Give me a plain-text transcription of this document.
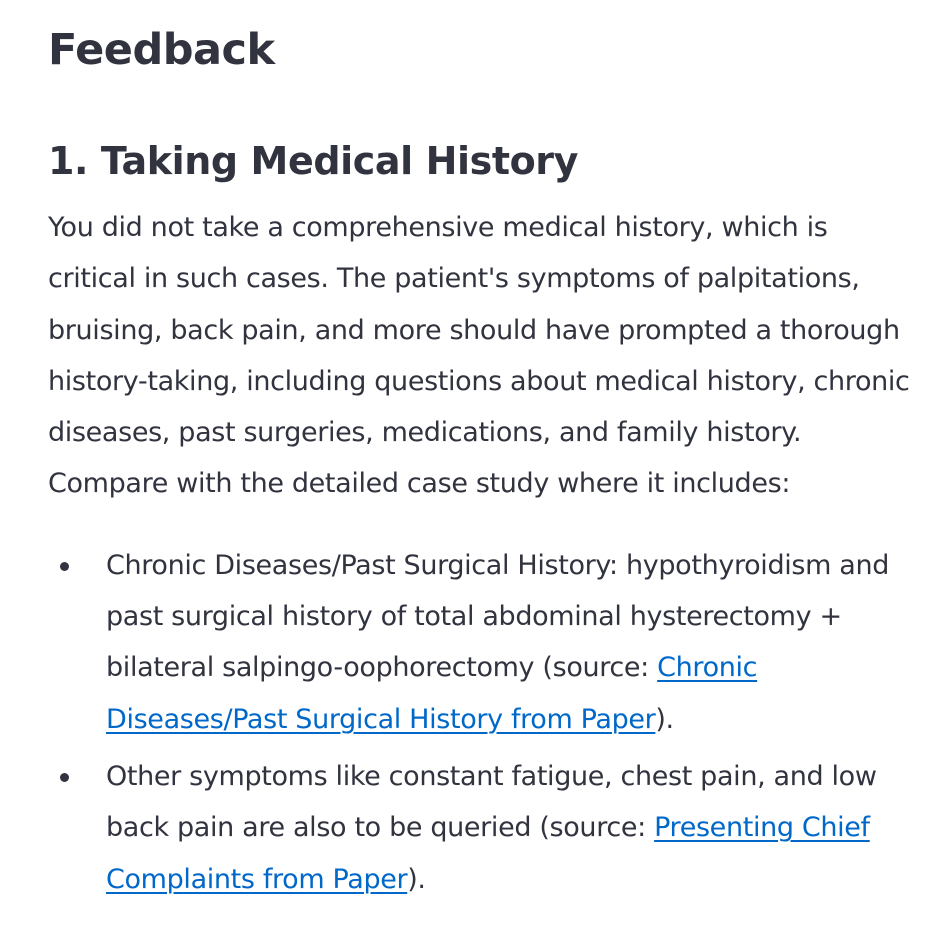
Feedback
1. Taking Medical History

You did not take a comprehensive medical history, which is critical in such cases. The patient's symptoms of palpitations, bruising, back pain, and more should have prompted a thorough history-taking, including questions about medical history, chronic diseases, past surgeries, medications, and family history. Compare with the detailed case study where it includes:

Chronic Diseases/Past Surgical History: hypothyroidism and past surgical history of total abdominal hysterectomy + bilateral salpingo-oophorectomy (source: Chronic Diseases/Past Surgical History from Paper).
Other symptoms like constant fatigue, chest pain, and low back pain are also to be queried (source: Presenting Chief Complaints from Paper).
